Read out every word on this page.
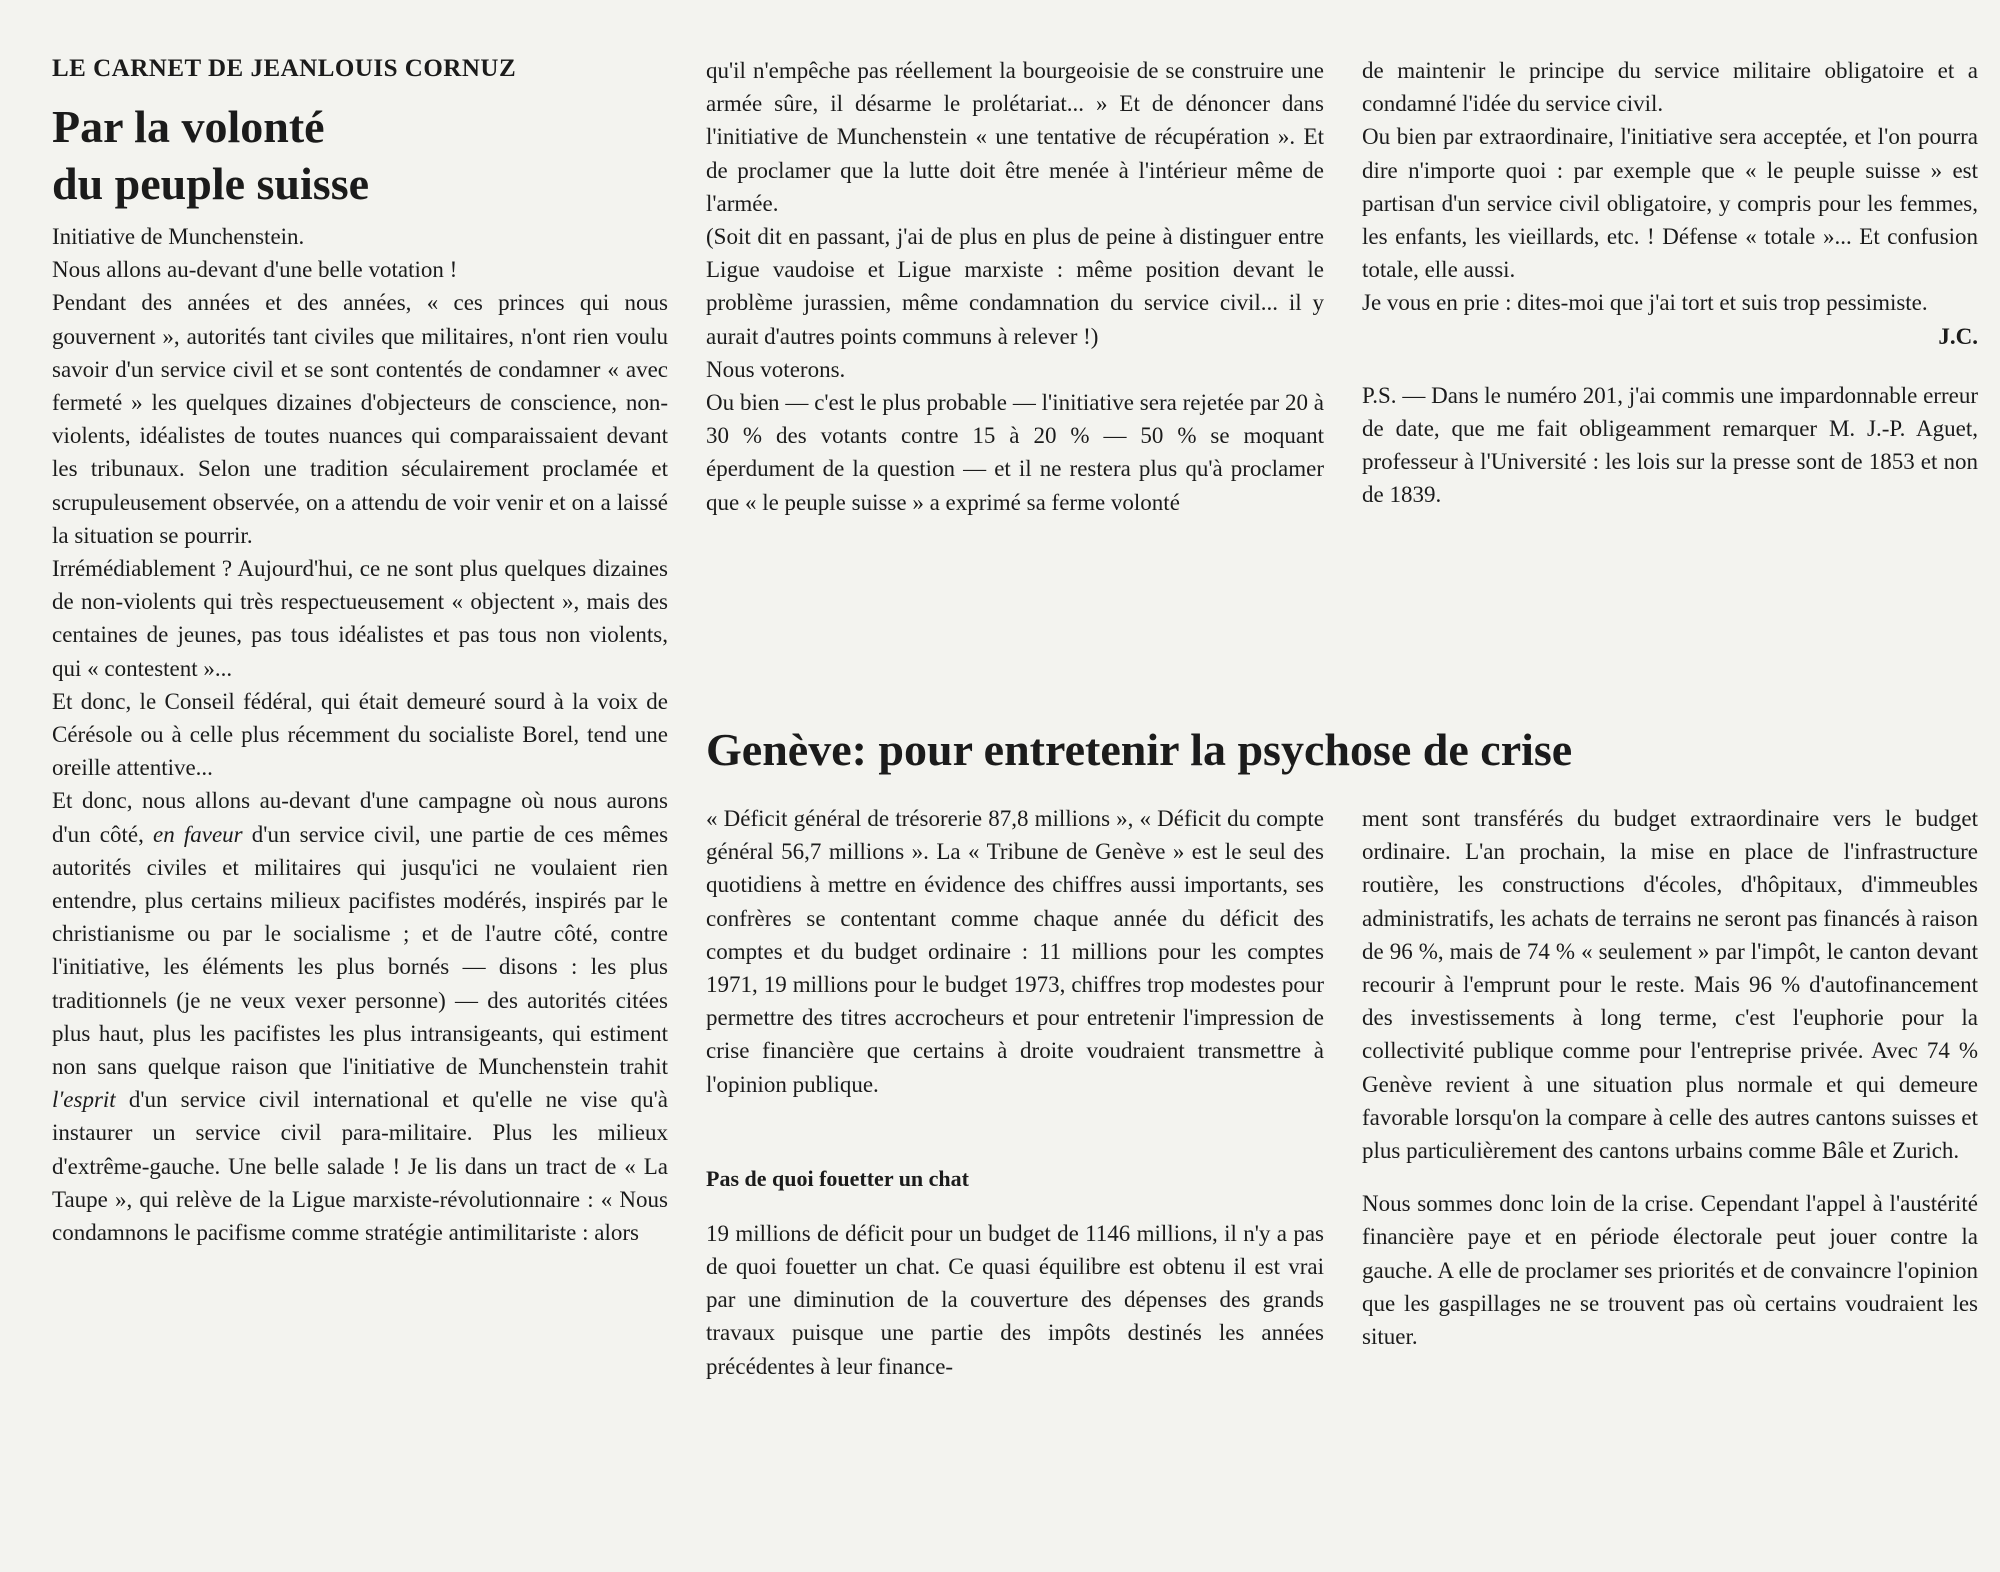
LE CARNET DE JEANLOUIS CORNUZ
Par la volonté
du peuple suisse

Initiative de Munchenstein.

Nous allons au-devant d'une belle votation !

Pendant des années et des années, « ces princes qui nous gouvernent », autorités tant civiles que militaires, n'ont rien voulu savoir d'un service civil et se sont contentés de condamner « avec fermeté » les quelques dizaines d'objecteurs de conscience, non-violents, idéalistes de toutes nuances qui comparaissaient devant les tribunaux. Selon une tradition séculairement proclamée et scrupuleusement observée, on a attendu de voir venir et on a laissé la situation se pourrir.

Irrémédiablement ? Aujourd'hui, ce ne sont plus quelques dizaines de non-violents qui très respectueusement « objectent », mais des centaines de jeunes, pas tous idéalistes et pas tous non violents, qui « contestent »...

Et donc, le Conseil fédéral, qui était demeuré sourd à la voix de Cérésole ou à celle plus récemment du socialiste Borel, tend une oreille attentive...

Et donc, nous allons au-devant d'une campagne où nous aurons d'un côté, en faveur d'un service civil, une partie de ces mêmes autorités civiles et militaires qui jusqu'ici ne voulaient rien entendre, plus certains milieux pacifistes modérés, inspirés par le christianisme ou par le socialisme ; et de l'autre côté, contre l'initiative, les éléments les plus bornés — disons : les plus traditionnels (je ne veux vexer personne) — des autorités citées plus haut, plus les pacifistes les plus intransigeants, qui estiment non sans quelque raison que l'initiative de Munchenstein trahit l'esprit d'un service civil international et qu'elle ne vise qu'à instaurer un service civil para-militaire. Plus les milieux d'extrême-gauche. Une belle salade ! Je lis dans un tract de « La Taupe », qui relève de la Ligue marxiste-révolutionnaire : « Nous condamnons le pacifisme comme stratégie antimilitariste : alors

qu'il n'empêche pas réellement la bourgeoisie de se construire une armée sûre, il désarme le prolétariat... » Et de dénoncer dans l'initiative de Munchenstein « une tentative de récupération ». Et de proclamer que la lutte doit être menée à l'intérieur même de l'armée.

(Soit dit en passant, j'ai de plus en plus de peine à distinguer entre Ligue vaudoise et Ligue marxiste : même position devant le problème jurassien, même condamnation du service civil... il y aurait d'autres points communs à relever !)

Nous voterons.

Ou bien — c'est le plus probable — l'initiative sera rejetée par 20 à 30 % des votants contre 15 à 20 % — 50 % se moquant éperdument de la question — et il ne restera plus qu'à proclamer que « le peuple suisse » a exprimé sa ferme volonté

de maintenir le principe du service militaire obligatoire et a condamné l'idée du service civil.

Ou bien par extraordinaire, l'initiative sera acceptée, et l'on pourra dire n'importe quoi : par exemple que « le peuple suisse » est partisan d'un service civil obligatoire, y compris pour les femmes, les enfants, les vieillards, etc. ! Défense « totale »... Et confusion totale, elle aussi.

Je vous en prie : dites-moi que j'ai tort et suis trop pessimiste.

J.C.

P.S. — Dans le numéro 201, j'ai commis une impardonnable erreur de date, que me fait obligeamment remarquer M. J.-P. Aguet, professeur à l'Université : les lois sur la presse sont de 1853 et non de 1839.

Genève: pour entretenir la psychose de crise

« Déficit général de trésorerie 87,8 millions », « Déficit du compte général 56,7 millions ». La « Tribune de Genève » est le seul des quotidiens à mettre en évidence des chiffres aussi importants, ses confrères se contentant comme chaque année du déficit des comptes et du budget ordinaire : 11 millions pour les comptes 1971, 19 millions pour le budget 1973, chiffres trop modestes pour permettre des titres accrocheurs et pour entretenir l'impression de crise financière que certains à droite voudraient transmettre à l'opinion publique.

Pas de quoi fouetter un chat

19 millions de déficit pour un budget de 1146 millions, il n'y a pas de quoi fouetter un chat. Ce quasi équilibre est obtenu il est vrai par une diminution de la couverture des dépenses des grands travaux puisque une partie des impôts destinés les années précédentes à leur finance-

ment sont transférés du budget extraordinaire vers le budget ordinaire. L'an prochain, la mise en place de l'infrastructure routière, les constructions d'écoles, d'hôpitaux, d'immeubles administratifs, les achats de terrains ne seront pas financés à raison de 96 %, mais de 74 % « seulement » par l'impôt, le canton devant recourir à l'emprunt pour le reste. Mais 96 % d'autofinancement des investissements à long terme, c'est l'euphorie pour la collectivité publique comme pour l'entreprise privée. Avec 74 % Genève revient à une situation plus normale et qui demeure favorable lorsqu'on la compare à celle des autres cantons suisses et plus particulièrement des cantons urbains comme Bâle et Zurich.

Nous sommes donc loin de la crise. Cependant l'appel à l'austérité financière paye et en période électorale peut jouer contre la gauche. A elle de proclamer ses priorités et de convaincre l'opinion que les gaspillages ne se trouvent pas où certains voudraient les situer.
